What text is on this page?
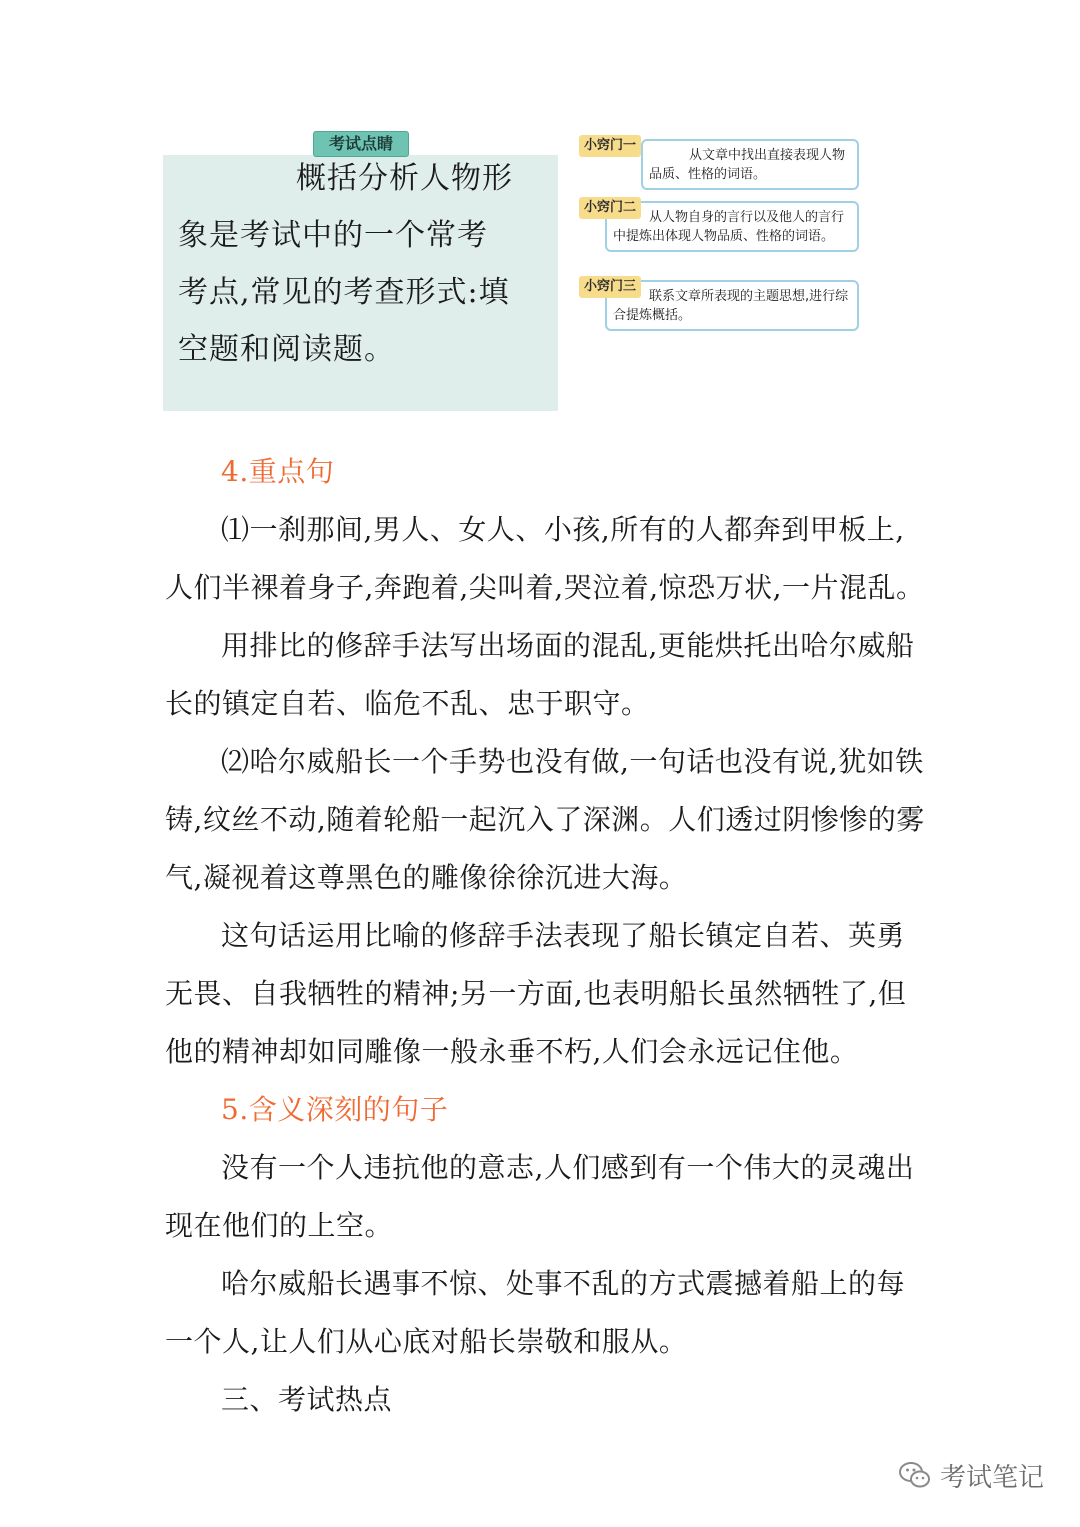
考试点睛

概括分析人物形象是考试中的一个常考考点,常见的考查形式:填空题和阅读题。

小窍门一
从文章中找出直接表现人物品质、性格的词语。
小窍门二
从人物自身的言行以及他人的言行中提炼出体现人物品质、性格的词语。
小窍门三
联系文章所表现的主题思想,进行综合提炼概括。

4.重点句

⑴一刹那间,男人、女人、小孩,所有的人都奔到甲板上,人们半裸着身子,奔跑着,尖叫着,哭泣着,惊恐万状,一片混乱。

用排比的修辞手法写出场面的混乱,更能烘托出哈尔威船长的镇定自若、临危不乱、忠于职守。

⑵哈尔威船长一个手势也没有做,一句话也没有说,犹如铁铸,纹丝不动,随着轮船一起沉入了深渊。人们透过阴惨惨的雾气,凝视着这尊黑色的雕像徐徐沉进大海。

这句话运用比喻的修辞手法表现了船长镇定自若、英勇无畏、自我牺牲的精神;另一方面,也表明船长虽然牺牲了,但他的精神却如同雕像一般永垂不朽,人们会永远记住他。

5.含义深刻的句子

没有一个人违抗他的意志,人们感到有一个伟大的灵魂出现在他们的上空。

哈尔威船长遇事不惊、处事不乱的方式震撼着船上的每一个人,让人们从心底对船长崇敬和服从。

三、考试热点

考试笔记
